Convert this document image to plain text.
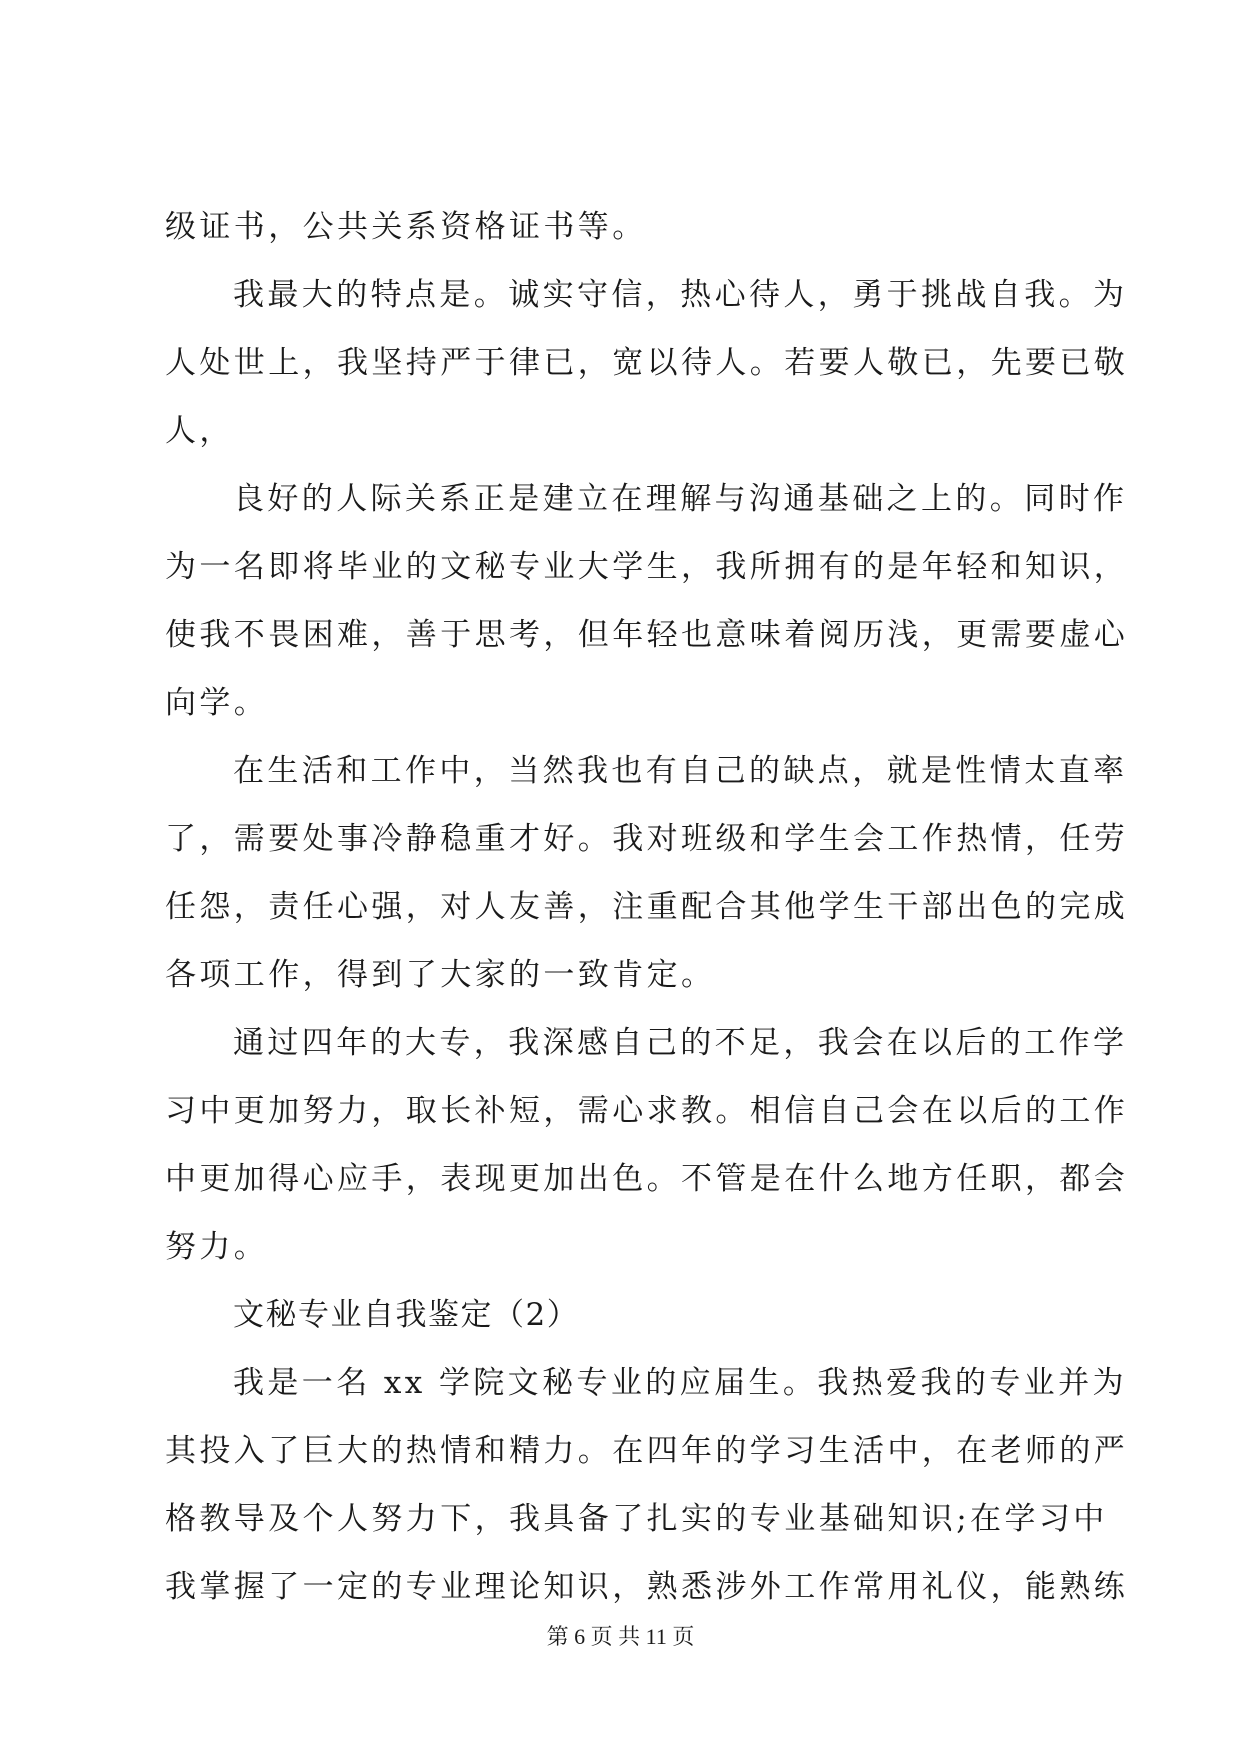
级证书，公共关系资格证书等。
我最大的特点是。诚实守信，热心待人，勇于挑战自我。为
人处世上，我坚持严于律已，宽以待人。若要人敬已，先要已敬
人，
良好的人际关系正是建立在理解与沟通基础之上的。同时作
为一名即将毕业的文秘专业大学生，我所拥有的是年轻和知识，
使我不畏困难，善于思考，但年轻也意味着阅历浅，更需要虚心
向学。
在生活和工作中，当然我也有自己的缺点，就是性情太直率
了，需要处事冷静稳重才好。我对班级和学生会工作热情，任劳
任怨，责任心强，对人友善，注重配合其他学生干部出色的完成
各项工作，得到了大家的一致肯定。
通过四年的大专，我深感自己的不足，我会在以后的工作学
习中更加努力，取长补短，需心求教。相信自己会在以后的工作
中更加得心应手，表现更加出色。不管是在什么地方任职，都会
努力。
文秘专业自我鉴定（2）
我是一名 xx 学院文秘专业的应届生。我热爱我的专业并为
其投入了巨大的热情和精力。在四年的学习生活中，在老师的严
格教导及个人努力下，我具备了扎实的专业基础知识;在学习中
我掌握了一定的专业理论知识，熟悉涉外工作常用礼仪，能熟练
第 6 页 共 11 页
